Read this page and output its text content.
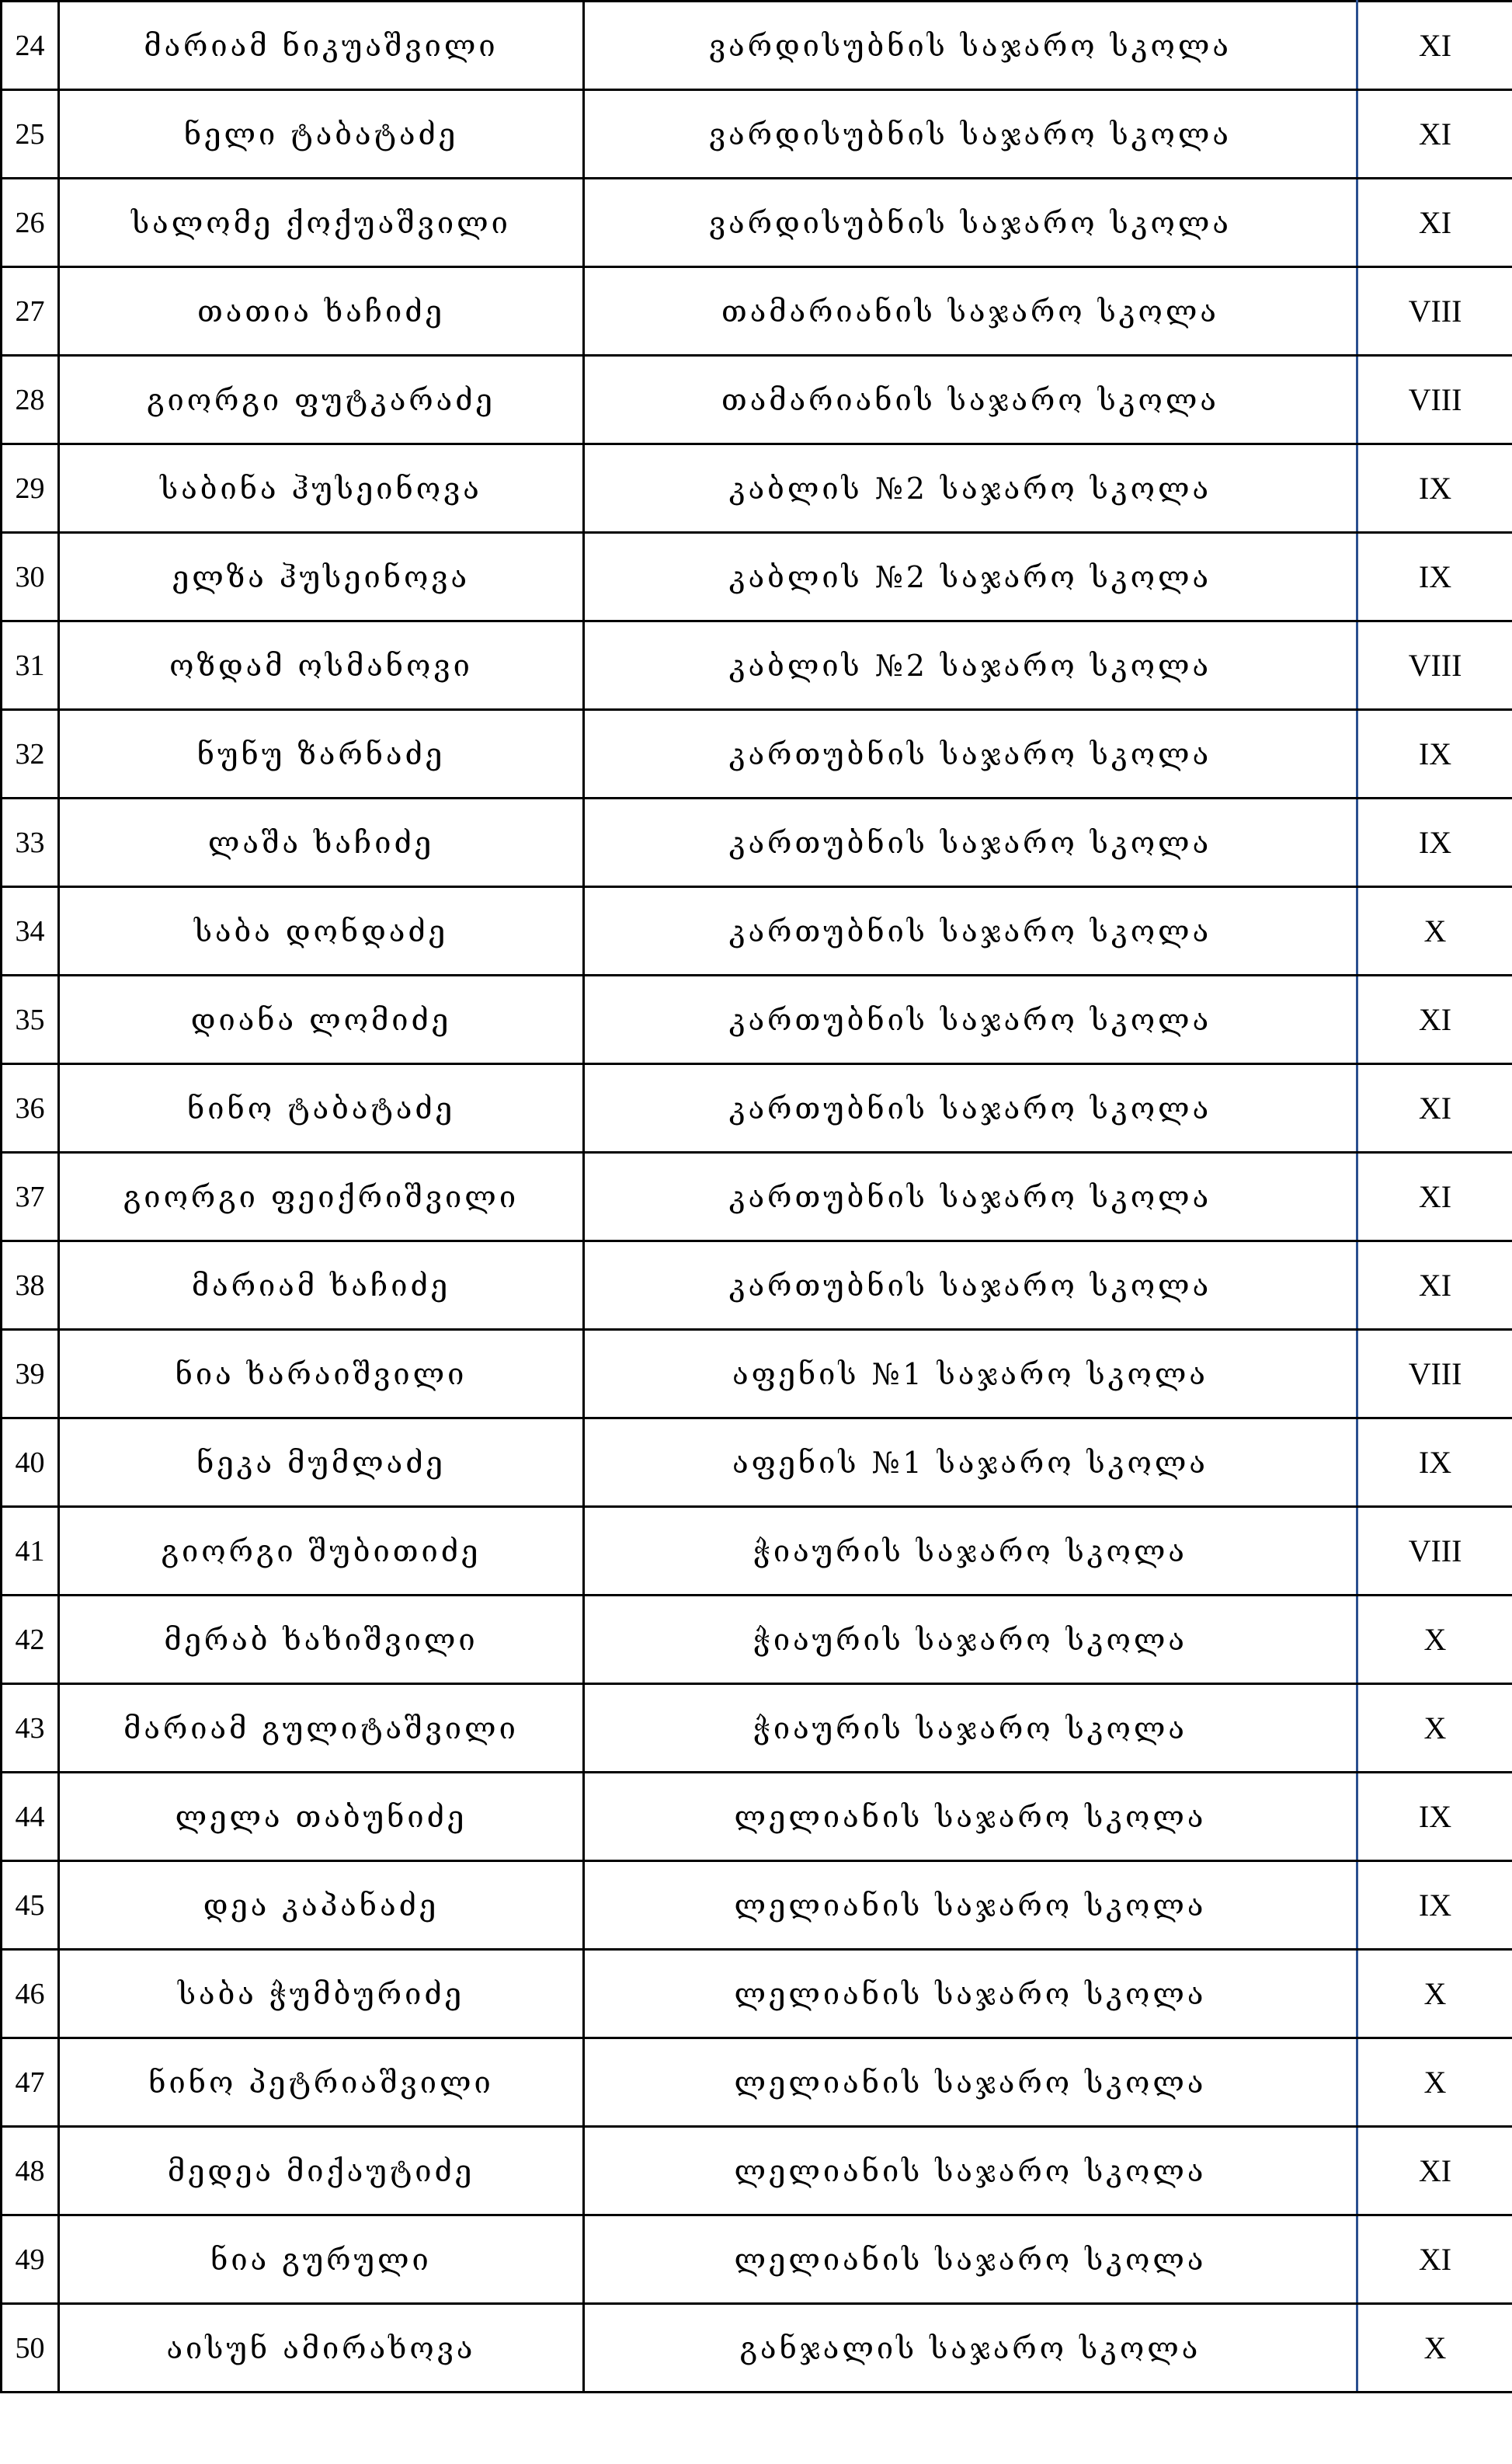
24	მარიამ ნიკუაშვილი	ვარდისუბნის საჯარო სკოლა	XI
25	ნელი ტაბატაძე	ვარდისუბნის საჯარო სკოლა	XI
26	სალომე ქოქუაშვილი	ვარდისუბნის საჯარო სკოლა	XI
27	თათია ხაჩიძე	თამარიანის საჯარო სკოლა	VIII
28	გიორგი ფუტკარაძე	თამარიანის საჯარო სკოლა	VIII
29	საბინა ჰუსეინოვა	კაბლის №2 საჯარო სკოლა	IX
30	ელზა ჰუსეინოვა	კაბლის №2 საჯარო სკოლა	IX
31	ოზდამ ოსმანოვი	კაბლის №2 საჯარო სკოლა	VIII
32	ნუნუ ზარნაძე	კართუბნის საჯარო სკოლა	IX
33	ლაშა ხაჩიძე	კართუბნის საჯარო სკოლა	IX
34	საბა დონდაძე	კართუბნის საჯარო სკოლა	X
35	დიანა ლომიძე	კართუბნის საჯარო სკოლა	XI
36	ნინო ტაბატაძე	კართუბნის საჯარო სკოლა	XI
37	გიორგი ფეიქრიშვილი	კართუბნის საჯარო სკოლა	XI
38	მარიამ ხაჩიძე	კართუბნის საჯარო სკოლა	XI
39	ნია ხარაიშვილი	აფენის №1 საჯარო სკოლა	VIII
40	ნეკა მუმლაძე	აფენის №1 საჯარო სკოლა	IX
41	გიორგი შუბითიძე	ჭიაურის საჯარო სკოლა	VIII
42	მერაბ ხახიშვილი	ჭიაურის საჯარო სკოლა	X
43	მარიამ გულიტაშვილი	ჭიაურის საჯარო სკოლა	X
44	ლელა თაბუნიძე	ლელიანის საჯარო სკოლა	IX
45	დეა კაპანაძე	ლელიანის საჯარო სკოლა	IX
46	საბა ჭუმბურიძე	ლელიანის საჯარო სკოლა	X
47	ნინო პეტრიაშვილი	ლელიანის საჯარო სკოლა	X
48	მედეა მიქაუტიძე	ლელიანის საჯარო სკოლა	XI
49	ნია გურული	ლელიანის საჯარო სკოლა	XI
50	აისუნ ამირახოვა	განჯალის საჯარო სკოლა	X
